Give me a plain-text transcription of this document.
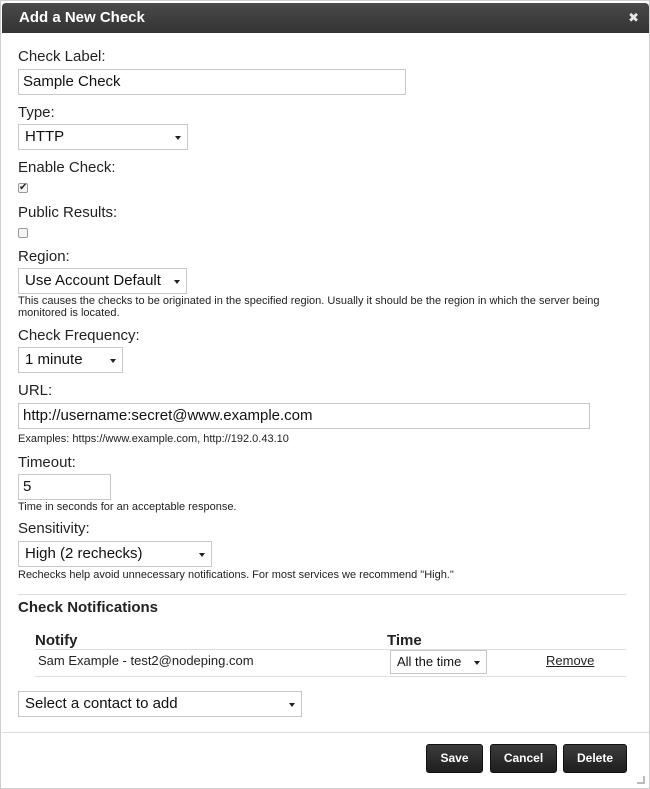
Add a New Check	✖
Check Label:
Sample Check
Type:
HTTP
Enable Check:
✔
Public Results:
Region:
Use Account Default
This causes the checks to be originated in the specified region. Usually it should be the region in which the server being monitored is located.
Check Frequency:
1 minute
URL:
http://username:secret@www.example.com
Examples: https://www.example.com, http://192.0.43.10
Timeout:
5
Time in seconds for an acceptable response.
Sensitivity:
High (2 rechecks)
Rechecks help avoid unnecessary notifications. For most services we recommend "High."
Check Notifications
Notify	Time
Sam Example - test2@nodeping.com	All the time	Remove
Select a contact to add
Save	Cancel	Delete
